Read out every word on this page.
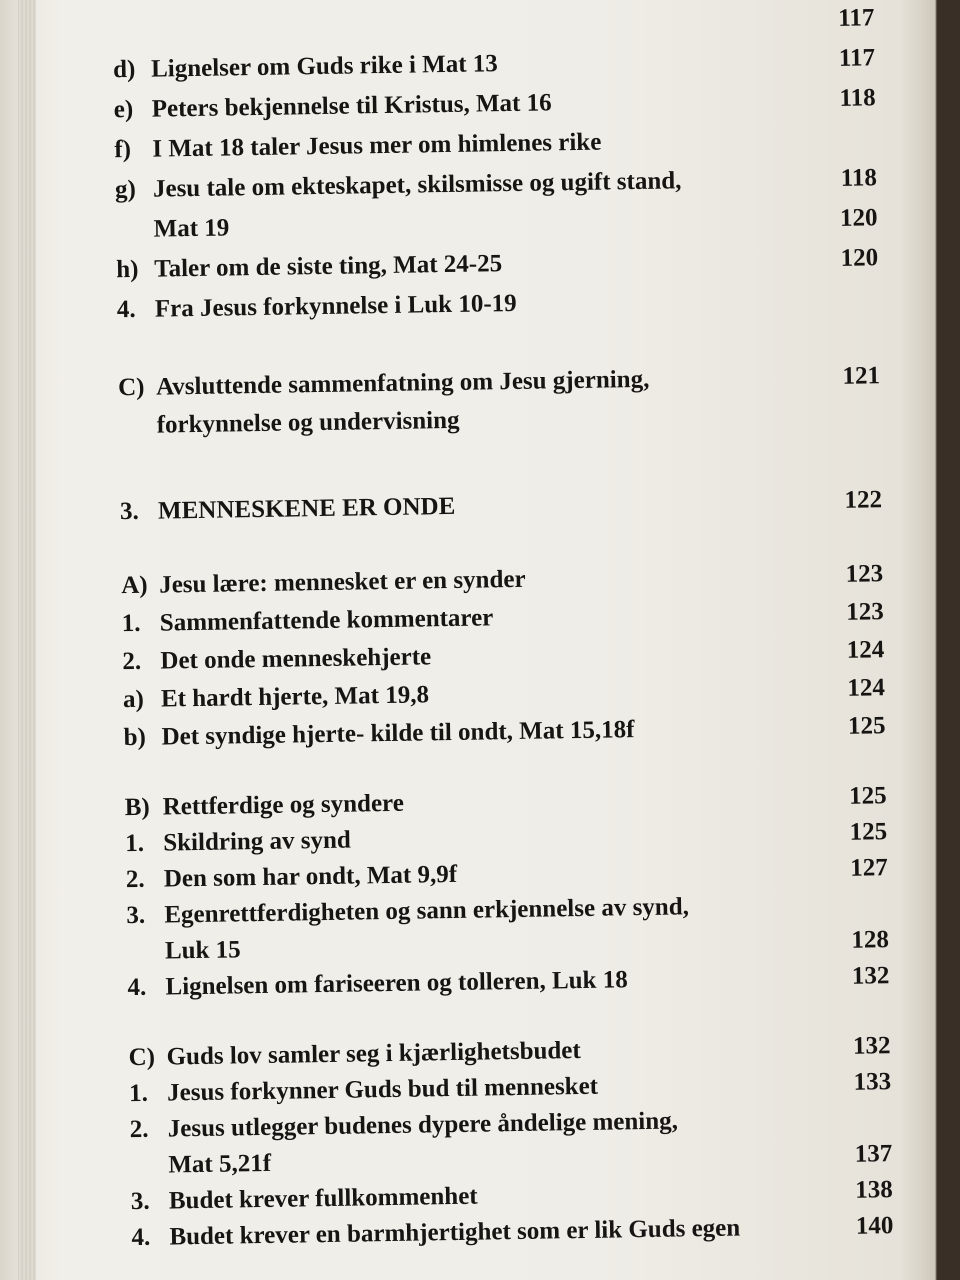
117
d) Lignelser om Guds rike i Mat 13	117
e) Peters bekjennelse til Kristus, Mat 16	118
f) I Mat 18 taler Jesus mer om himlenes rike
g) Jesu tale om ekteskapet, skilsmisse og ugift stand,	118
Mat 19	120
h) Taler om de siste ting, Mat 24-25	120
4. Fra Jesus forkynnelse i Luk 10-19
C) Avsluttende sammenfatning om Jesu gjerning,	121
forkynnelse og undervisning
3. MENNESKENE ER ONDE	122
A) Jesu lære: mennesket er en synder	123
1. Sammenfattende kommentarer	123
2. Det onde menneskehjerte	124
a) Et hardt hjerte, Mat 19,8	124
b) Det syndige hjerte- kilde til ondt, Mat 15,18f	125
B) Rettferdige og syndere	125
1. Skildring av synd	125
2. Den som har ondt, Mat 9,9f	127
3. Egenrettferdigheten og sann erkjennelse av synd,
Luk 15	128
4. Lignelsen om fariseeren og tolleren, Luk 18	132
C) Guds lov samler seg i kjærlighetsbudet	132
1. Jesus forkynner Guds bud til mennesket	133
2. Jesus utlegger budenes dypere åndelige mening,
Mat 5,21f	137
3. Budet krever fullkommenhet	138
4. Budet krever en barmhjertighet som er lik Guds egen	140
